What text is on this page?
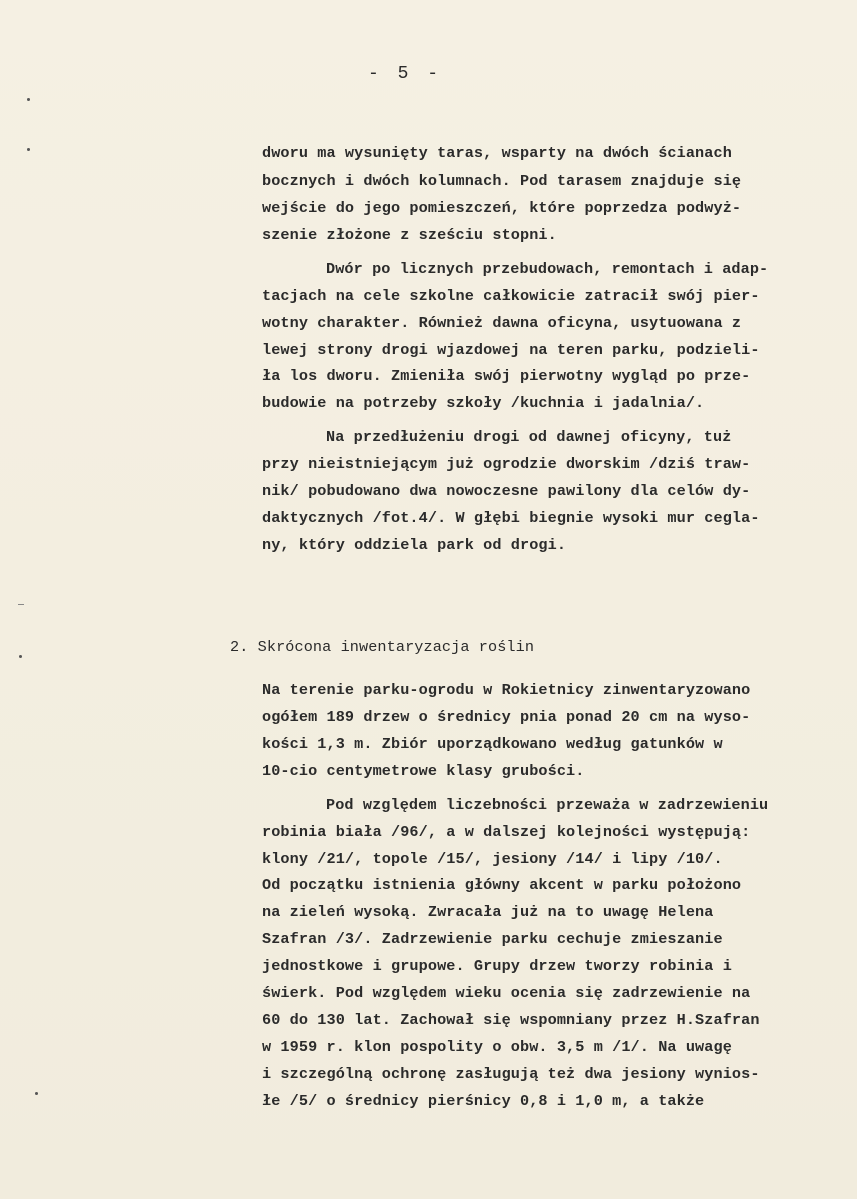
- 5 -
dworu ma wysunięty taras, wsparty na dwóch ścianach
bocznych i dwóch kolumnach. Pod tarasem znajduje się
wejście do jego pomieszczeń, które poprzedza podwyż-
szenie złożone z sześciu stopni.
Dwór po licznych przebudowach, remontach i adap-
tacjach na cele szkolne całkowicie zatracił swój pier-
wotny charakter. Również dawna oficyna, usytuowana z
lewej strony drogi wjazdowej na teren parku, podzieli-
ła los dworu. Zmieniła swój pierwotny wygląd po prze-
budowie na potrzeby szkoły /kuchnia i jadalnia/.
Na przedłużeniu drogi od dawnej oficyny, tuż
przy nieistniejącym już ogrodzie dworskim /dziś traw-
nik/ pobudowano dwa nowoczesne pawilony dla celów dy-
daktycznych /fot.4/. W głębi biegnie wysoki mur cegla-
ny, który oddziela park od drogi.
2. Skrócona inwentaryzacja roślin
Na terenie parku-ogrodu w Rokietnicy zinwentaryzowano
ogółem 189 drzew o średnicy pnia ponad 20 cm na wyso-
kości 1,3 m. Zbiór uporządkowano według gatunków w
10-cio centymetrowe klasy grubości.
Pod względem liczebności przeważa w zadrzewieniu
robinia biała /96/, a w dalszej kolejności występują:
klony /21/, topole /15/, jesiony /14/ i lipy /10/.
Od początku istnienia główny akcent w parku położono
na zieleń wysoką. Zwracała już na to uwagę Helena
Szafran /3/. Zadrzewienie parku cechuje zmieszanie
jednostkowe i grupowe. Grupy drzew tworzy robinia i
świerk. Pod względem wieku ocenia się zadrzewienie na
60 do 130 lat. Zachował się wspomniany przez H.Szafran
w 1959 r. klon pospolity o obw. 3,5 m /1/. Na uwagę
i szczególną ochronę zasługują też dwa jesiony wynios-
łe /5/ o średnicy pierśnicy 0,8 i 1,0 m, a także
